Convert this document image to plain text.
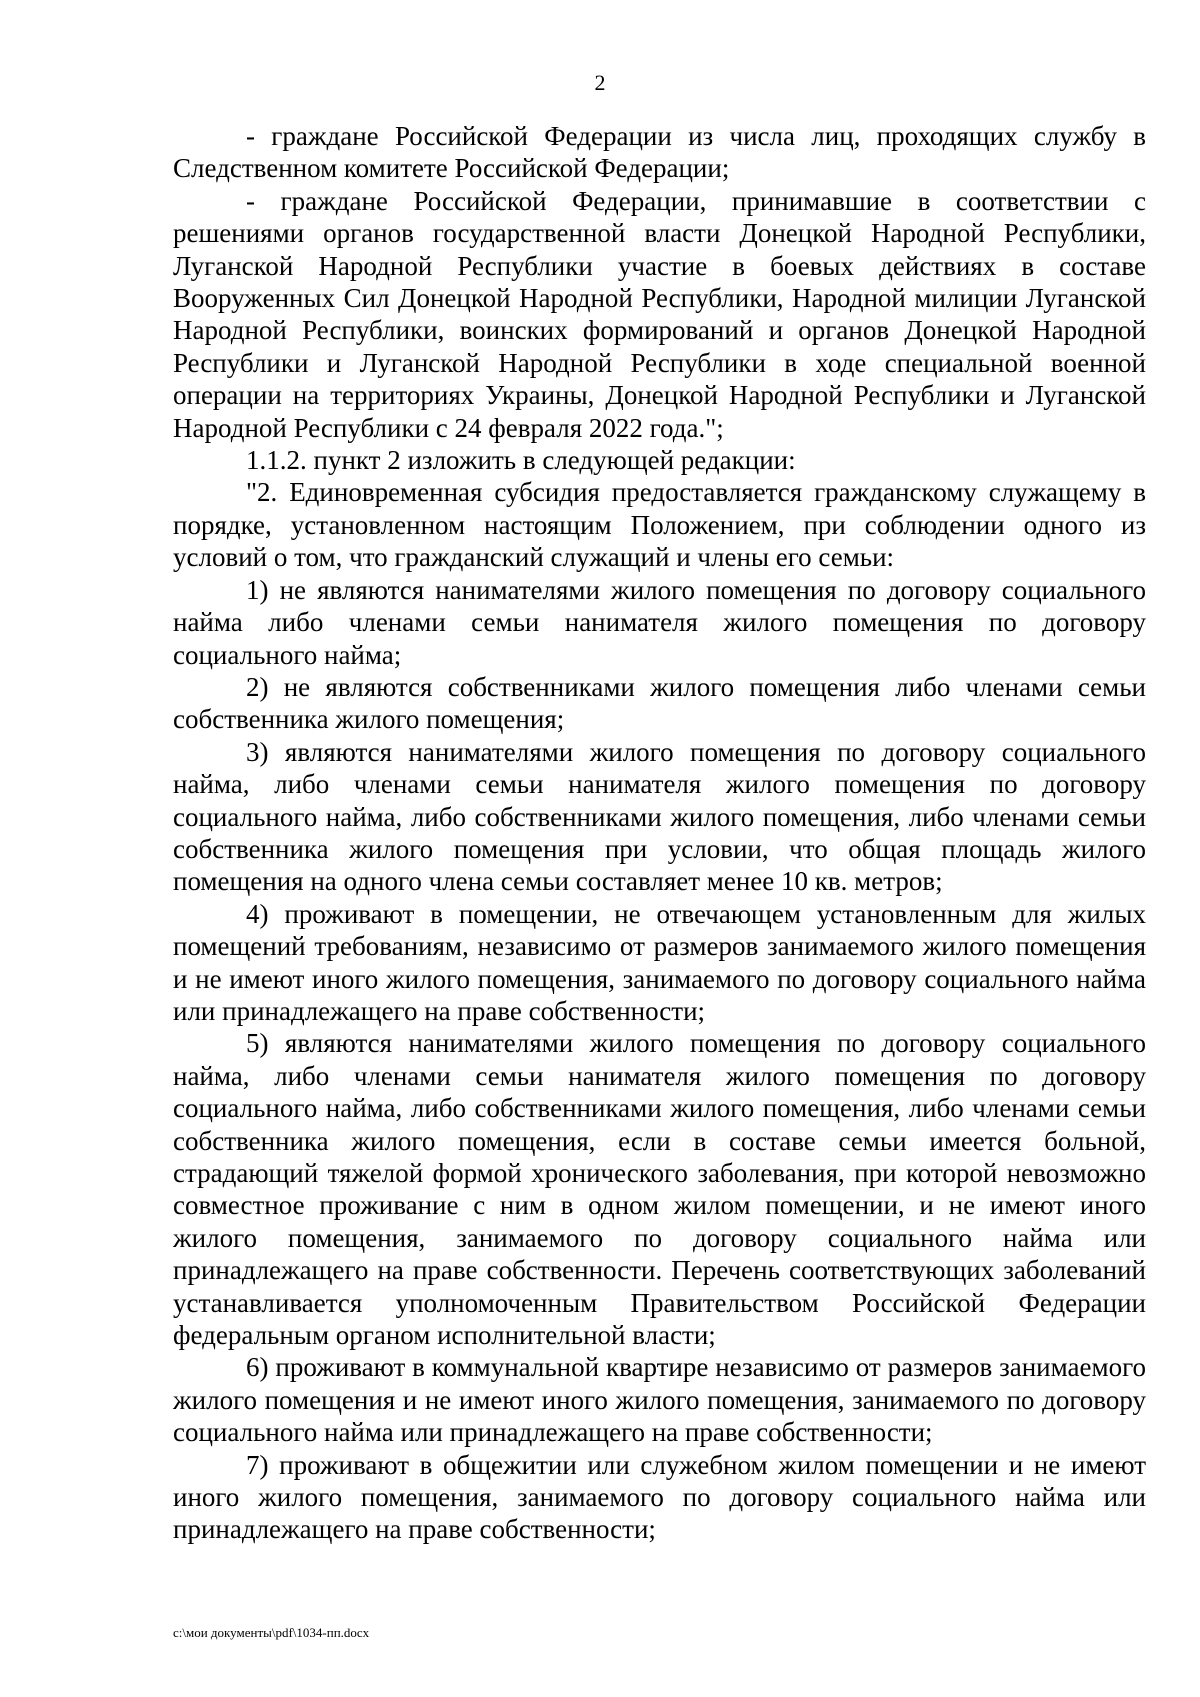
2

- граждане Российской Федерации из числа лиц, проходящих службу в Следственном комитете Российской Федерации;

- граждане Российской Федерации, принимавшие в соответствии с решениями органов государственной власти Донецкой Народной Республики, Луганской Народной Республики участие в боевых действиях в составе Вооруженных Сил Донецкой Народной Республики, Народной милиции Луганской Народной Республики, воинских формирований и органов Донецкой Народной Республики и Луганской Народной Республики в ходе специальной военной операции на территориях Украины, Донецкой Народной Республики и Луганской Народной Республики с 24 февраля 2022 года.";

1.1.2. пункт 2 изложить в следующей редакции:

"2. Единовременная субсидия предоставляется гражданскому служащему в порядке, установленном настоящим Положением, при соблюдении одного из условий о том, что гражданский служащий и члены его семьи:

1) не являются нанимателями жилого помещения по договору социального найма либо членами семьи нанимателя жилого помещения по договору социального найма;

2) не являются собственниками жилого помещения либо членами семьи собственника жилого помещения;

3) являются нанимателями жилого помещения по договору социального найма, либо членами семьи нанимателя жилого помещения по договору социального найма, либо собственниками жилого помещения, либо членами семьи собственника жилого помещения при условии, что общая площадь жилого помещения на одного члена семьи составляет менее 10 кв. метров;

4) проживают в помещении, не отвечающем установленным для жилых помещений требованиям, независимо от размеров занимаемого жилого помещения и не имеют иного жилого помещения, занимаемого по договору социального найма или принадлежащего на праве собственности;

5) являются нанимателями жилого помещения по договору социального найма, либо членами семьи нанимателя жилого помещения по договору социального найма, либо собственниками жилого помещения, либо членами семьи собственника жилого помещения, если в составе семьи имеется больной, страдающий тяжелой формой хронического заболевания, при которой невозможно совместное проживание с ним в одном жилом помещении, и не имеют иного жилого помещения, занимаемого по договору социального найма или принадлежащего на праве собственности. Перечень соответствующих заболеваний устанавливается уполномоченным Правительством Российской Федерации федеральным органом исполнительной власти;

6) проживают в коммунальной квартире независимо от размеров занимаемого жилого помещения и не имеют иного жилого помещения, занимаемого по договору социального найма или принадлежащего на праве собственности;

7) проживают в общежитии или служебном жилом помещении и не имеют иного жилого помещения, занимаемого по договору социального найма или принадлежащего на праве собственности;

c:\мои документы\pdf\1034-пп.docx
